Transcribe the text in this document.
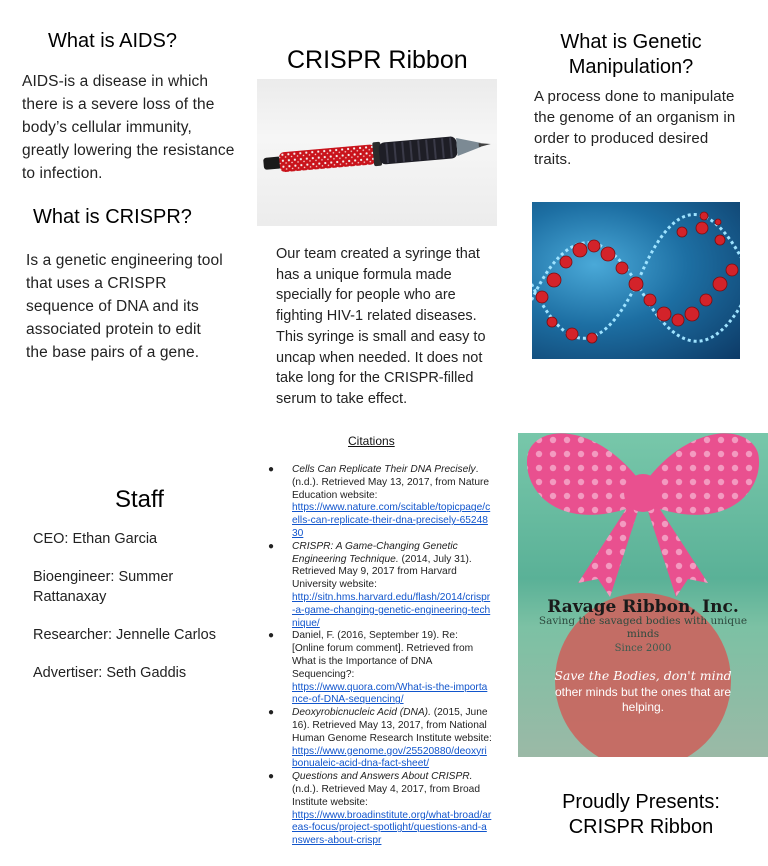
What is AIDS?
AIDS-is a disease in which there is a severe loss of the body’s cellular immunity, greatly lowering the resistance to infection.
What is CRISPR?
Is a genetic engineering tool that uses a CRISPR sequence of DNA and its associated protein to edit the base pairs of a gene.
Staff
CEO: Ethan Garcia
Bioengineer: Summer Rattanaxay
Researcher: Jennelle Carlos
Advertiser: Seth Gaddis
CRISPR Ribbon
Our team created a syringe that has a unique formula made specially for people who are fighting HIV-1 related diseases. This syringe is small and easy to uncap when needed. It does not take long for the CRISPR-filled serum to take effect.
Citations
● Cells Can Replicate Their DNA Precisely. (n.d.). Retrieved May 13, 2017, from Nature Education website:
https://www.nature.com/scitable/topicpage/cells-can-replicate-their-dna-precisely-6524830
● CRISPR: A Game-Changing Genetic Engineering Technique. (2014, July 31). Retrieved May 9, 2017 from Harvard University website:
http://sitn.hms.harvard.edu/flash/2014/crispr-a-game-changing-genetic-engineering-technique/
● Daniel, F. (2016, September 19). Re: [Online forum comment]. Retrieved from What is the Importance of DNA Sequencing?:
https://www.quora.com/What-is-the-importance-of-DNA-sequencing/
● Deoxyrobicnucleic Acid (DNA). (2015, June 16). Retrieved May 13, 2017, from National Human Genome Research Institute website:
https://www.genome.gov/25520880/deoxyribonualeic-acid-dna-fact-sheet/
● Questions and Answers About CRISPR. (n.d.). Retrieved May 4, 2017, from Broad Institute website:
https://www.broadinstitute.org/what-broad/areas-focus/project-spotlight/questions-and-answers-about-crispr
What is Genetic Manipulation?
A process done to manipulate the genome of an organism in order to produced desired traits.
Ravage Ribbon, Inc.
Saving the savaged bodies with unique minds
Since 2000
Save the Bodies, don't mind
other minds but the ones that are helping.
Proudly Presents:
CRISPR Ribbon
